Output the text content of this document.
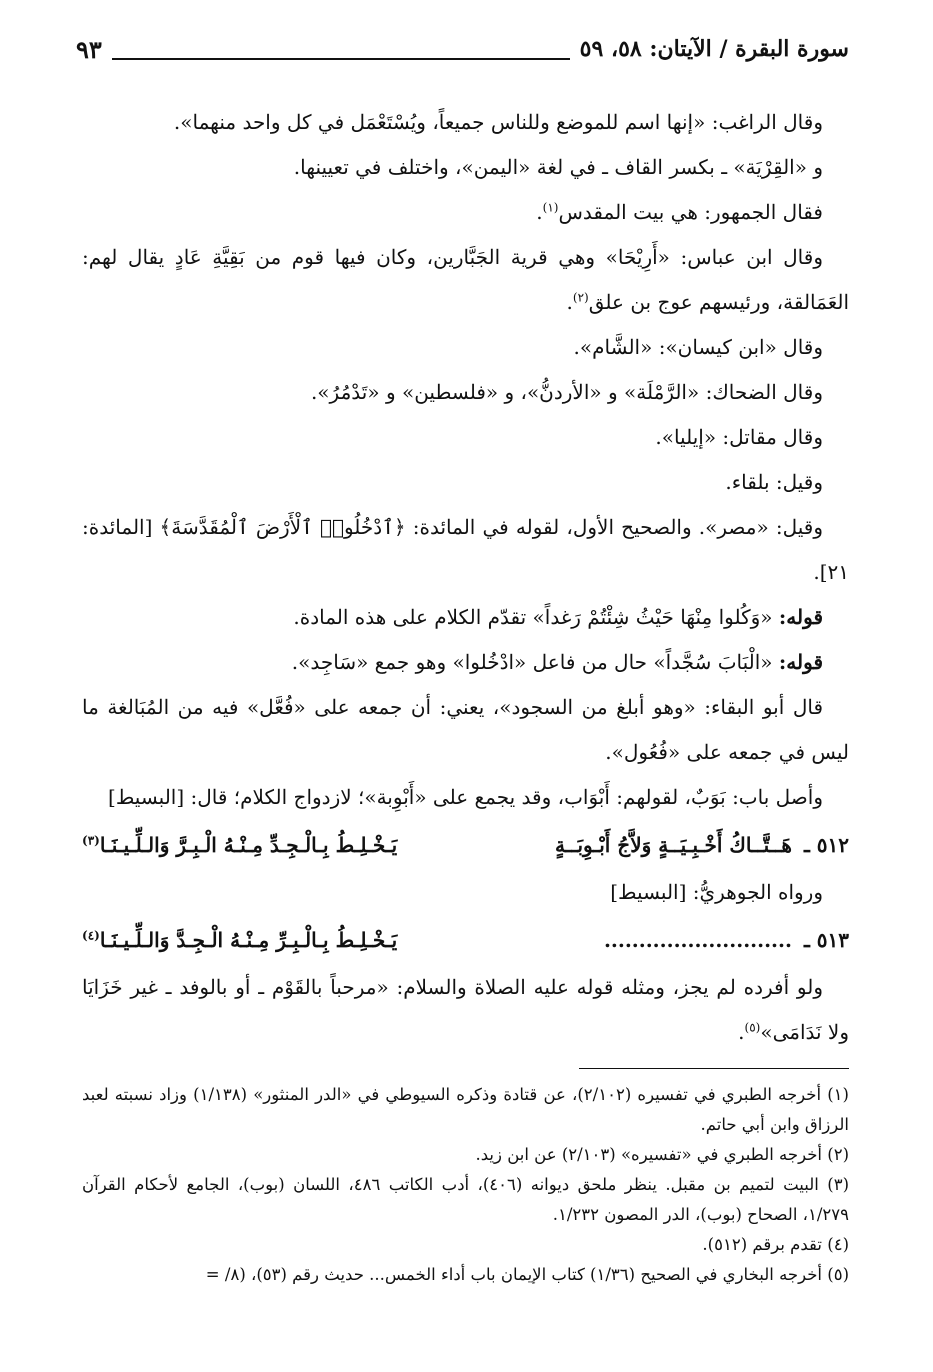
سورة البقرة / الآيتان: ٥٨، ٥٩
٩٣

وقال الراغب: «إنها اسم للموضع وللناس جميعاً، ويُسْتَعْمَل في كل واحد منهما».

و «القِرْيَة» ـ بكسر القاف ـ في لغة «اليمن»، واختلف في تعيينها.

فقال الجمهور: هي بيت المقدس$^{(١)}$.

وقال ابن عباس: «أَرِيْحَا» وهي قرية الجَبَّارين، وكان فيها قوم من بَقِيَّةِ عَادٍ يقال لهم: العَمَالقة، ورئيسهم عوج بن علق$^{(٢)}$.

وقال «ابن كيسان»: «الشَّام».

وقال الضحاك: «الرَّمْلَة» و «الأردنُّ»، و «فلسطين» و «تَدْمُرُ».

وقال مقاتل: «إيليا».

وقيل: بلقاء.

وقيل: «مصر». والصحيح الأول، لقوله في المائدة: ﴿ٱدْخُلُوا۟ ٱلْأَرْضَ ٱلْمُقَدَّسَةَ﴾ [المائدة: ٢١].

قوله: «وَكُلوا مِنْهَا حَيْثُ شِئْتُمْ رَغداً» تقدّم الكلام على هذه المادة.

قوله: «الْبَابَ سُجَّداً» حال من فاعل «ادْخُلوا» وهو جمع «سَاجِد».

قال أبو البقاء: «وهو أبلغ من السجود»، يعني: أن جمعه على «فُعَّل» فيه من المُبَالغة ما ليس في جمعه على «فُعُول».

وأصل باب: بَوَبٌ، لقولهم: أَبْوَاب، وقد يجمع على «أَبْوِبة»؛ لازدواج الكلام؛ قال: [البسيط]

٥١٢ ـ
هَــتَّــاكُ أَخْـبِـيَــةٍ وَلاَّجُ أَبْـوِبَــةٍ
يَـخْـلِـطُ بِـالْـجِـدِّ مِـنْـهُ الْـبِـرَّ وَالـلِّـيـنَـا$^{(٣)}$

ورواه الجوهريُّ: [البسيط]

٥١٣ ـ
...........................
يَـخْـلِـطُ بِـالْـبِـرِّ مِـنْـهُ الْـجِـدَّ وَالـلِّـيـنَـا$^{(٤)}$

ولو أفرده لم يجز، ومثله قوله عليه الصلاة والسلام: «مرحباً بالقَوْم ـ أو بالوفد ـ غير خَزَايَا ولا نَدَامَى»$^{(٥)}$.

(١) أخرجه الطبري في تفسيره (٢/١٠٢)، عن قتادة وذكره السيوطي في «الدر المنثور» (١/١٣٨) وزاد نسبته لعبد الرزاق وابن أبي حاتم.

(٢) أخرجه الطبري في «تفسيره» (٢/١٠٣) عن ابن زيد.

(٣) البيت لتميم بن مقبل. ينظر ملحق ديوانه (٤٠٦)، أدب الكاتب ٤٨٦، اللسان (بوب)، الجامع لأحكام القرآن ١/٢٧٩، الصحاح (بوب)، الدر المصون ١/٢٣٢.

(٤) تقدم برقم (٥١٢).

(٥) أخرجه البخاري في الصحيح (١/٣٦) كتاب الإيمان باب أداء الخمس... حديث رقم (٥٣)، (٨/ =
